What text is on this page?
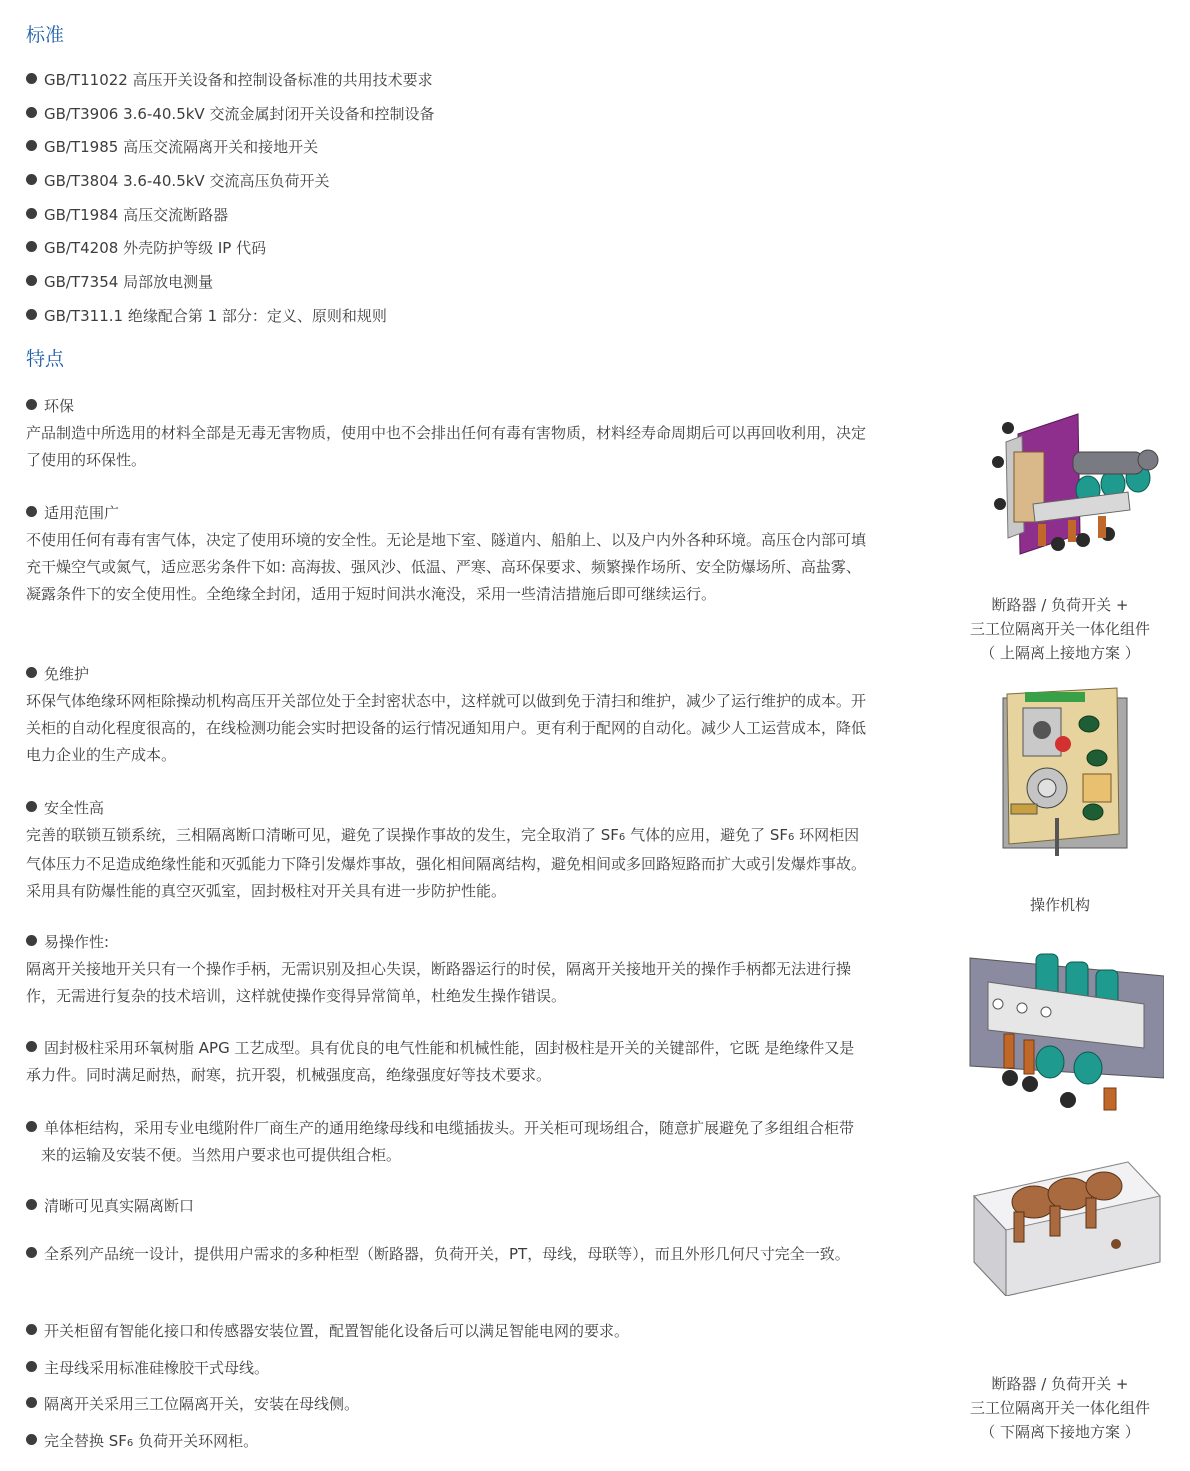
标准
GB/T11022 高压开关设备和控制设备标准的共用技术要求
GB/T3906 3.6-40.5kV 交流金属封闭开关设备和控制设备
GB/T1985 高压交流隔离开关和接地开关
GB/T3804 3.6-40.5kV 交流高压负荷开关
GB/T1984 高压交流断路器
GB/T4208 外壳防护等级 IP 代码
GB/T7354 局部放电测量
GB/T311.1 绝缘配合第 1 部分：定义、原则和规则
特点
环保

产品制造中所选用的材料全部是无毒无害物质，使用中也不会排出任何有毒有害物质，材料经寿命周期后可以再回收利用，决定了使用的环保性。

适用范围广

不使用任何有毒有害气体，决定了使用环境的安全性。无论是地下室、隧道内、船舶上、以及户内外各种环境。高压仓内部可填充干燥空气或氮气，适应恶劣条件下如: 高海拔、强风沙、低温、严寒、高环保要求、频繁操作场所、安全防爆场所、高盐雾、凝露条件下的安全使用性。全绝缘全封闭，适用于短时间洪水淹没，采用一些清洁措施后即可继续运行。

免维护

环保气体绝缘环网柜除操动机构高压开关部位处于全封密状态中，这样就可以做到免于清扫和维护，减少了运行维护的成本。开关柜的自动化程度很高的，在线检测功能会实时把设备的运行情况通知用户。更有利于配网的自动化。减少人工运营成本，降低电力企业的生产成本。

安全性高

完善的联锁互锁系统，三相隔离断口清晰可见，避免了误操作事故的发生，完全取消了 SF6 气体的应用，避免了 SF6 环网柜因气体压力不足造成绝缘性能和灭弧能力下降引发爆炸事故，强化相间隔离结构，避免相间或多回路短路而扩大或引发爆炸事故。采用具有防爆性能的真空灭弧室，固封极柱对开关具有进一步防护性能。

易操作性:

隔离开关接地开关只有一个操作手柄，无需识别及担心失误，断路器运行的时侯，隔离开关接地开关的操作手柄都无法进行操作，无需进行复杂的技术培训，这样就使操作变得异常简单，杜绝发生操作错误。

固封极柱采用环氧树脂 APG 工艺成型。具有优良的电气性能和机械性能，固封极柱是开关的关键部件，它既 是绝缘件又是承力件。同时满足耐热，耐寒，抗开裂，机械强度高，绝缘强度好等技术要求。

单体柜结构，采用专业电缆附件厂商生产的通用绝缘母线和电缆插拔头。开关柜可现场组合，随意扩展避免了多组组合柜带来的运输及安装不便。当然用户要求也可提供组合柜。

清晰可见真实隔离断口

全系列产品统一设计，提供用户需求的多种柜型（断路器，负荷开关，PT，母线，母联等），而且外形几何尺寸完全一致。

开关柜留有智能化接口和传感器安装位置，配置智能化设备后可以满足智能电网的要求。

主母线采用标准硅橡胶干式母线。

隔离开关采用三工位隔离开关，安装在母线侧。

完全替换 SF6 负荷开关环网柜。

断路器 / 负荷开关 +
三工位隔离开关一体化组件
（ 上隔离上接地方案 ）
操作机构
断路器 / 负荷开关 +
三工位隔离开关一体化组件
（ 下隔离下接地方案 ）
